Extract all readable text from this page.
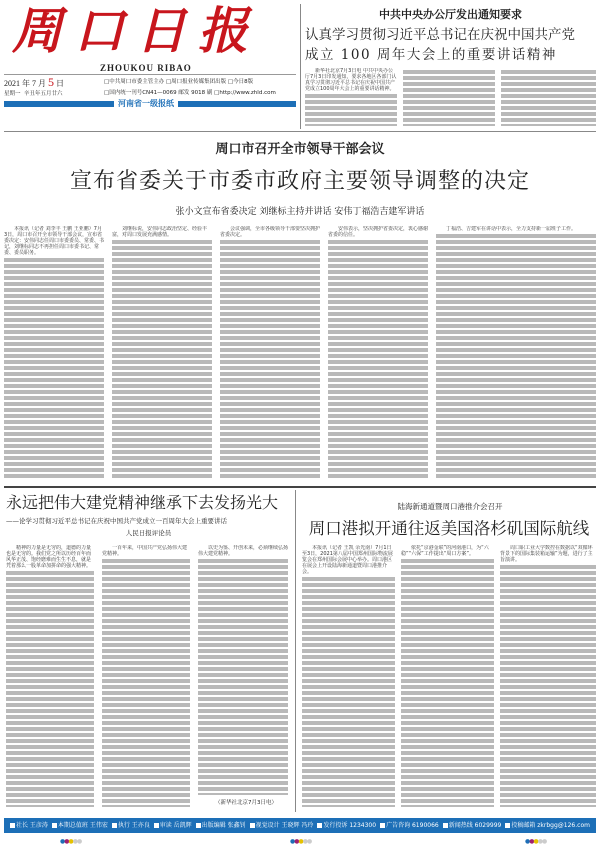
周口日报
ZHOUKOU RIBAO
2021 年 7 月 5 日
星期一 辛丑年五月廿六
□中共周口市委主管主办 □周口报业传媒集团出版 □今日8版
□国内统一刊号CN41—0069 邮发 9018 刷 □http://www.zhld.com
河南省一级报纸
中共中央办公厅发出通知要求
认真学习贯彻习近平总书记在庆祝中国共产党
成立 100 周年大会上的重要讲话精神

新华社北京7月3日电 中共中央办公厅7月3日印发通知，要求各地区各部门认真学习贯彻习近平总书记在庆祝中国共产党成立100周年大会上的重要讲话精神。

周口市召开全市领导干部会议
宣布省委关于市委市政府主要领导调整的决定
张小文宣布省委决定 刘继标主持并讲话 安伟丁福浩吉建军讲话

本报讯（记者 刘李丰 王鹏 王亚鹏）7月3日，周口市召开全市领导干部会议，宣布省委决定：安伟同志任周口市委委员、常委、书记，刘继标同志不再担任周口市委书记、常委、委员职务。

刘继标说，安伟同志政治坚定、经验丰富，对周口发展充满感情。

会议强调，全市各级领导干部要坚决拥护省委决定。

安伟表示，坚决拥护省委决定，衷心感谢省委的信任。

丁福浩、吉建军在讲话中表示，全力支持新一届班子工作。

永远把伟大建党精神继承下去发扬光大
——论学习贯彻习近平总书记在庆祝中国共产党成立一百周年大会上重要讲话
人民日报评论员

精神的力量是无穷的，道德的力量也是无穷的。我们党之所以历经百年而风华正茂、饱经磨难而生生不息，就是凭着那么一股革命加拼命的强大精神。

一百年来，中国共产党弘扬伟大建党精神。

以史为鉴、开创未来，必须继续弘扬伟大建党精神。

（新华社北京7月3日电）
陆海新通道暨周口港推介会召开
周口港拟开通往返美国洛杉矶国际航线

本报讯（记者 王凯 余光南）7月1日至3日，2021第八届中国郑州国际物流展览会在郑州国际会展中心举办。周口港区在展会上开设陆海新通道暨周口港推介会。

依托“京港金联”的河南港口，为“六稳”“六保”工作提出“周口方案”。

周口职工业大学数控在数据以“双循环背景下的国际集装箱运输”为题，进行了主旨演讲。

社长 王彦涛	本期总值班 王伟宏	执行 王亦良	审读 岳凯辉	出版编辑 张鑫钊	视觉设计 王晓辉 冯玲	发行投诉 1234300	广告咨询 6190066	新闻热线 6029999	投稿邮箱 zkrbgg@126.com
●●●●●	●●●●●	●●●●●
